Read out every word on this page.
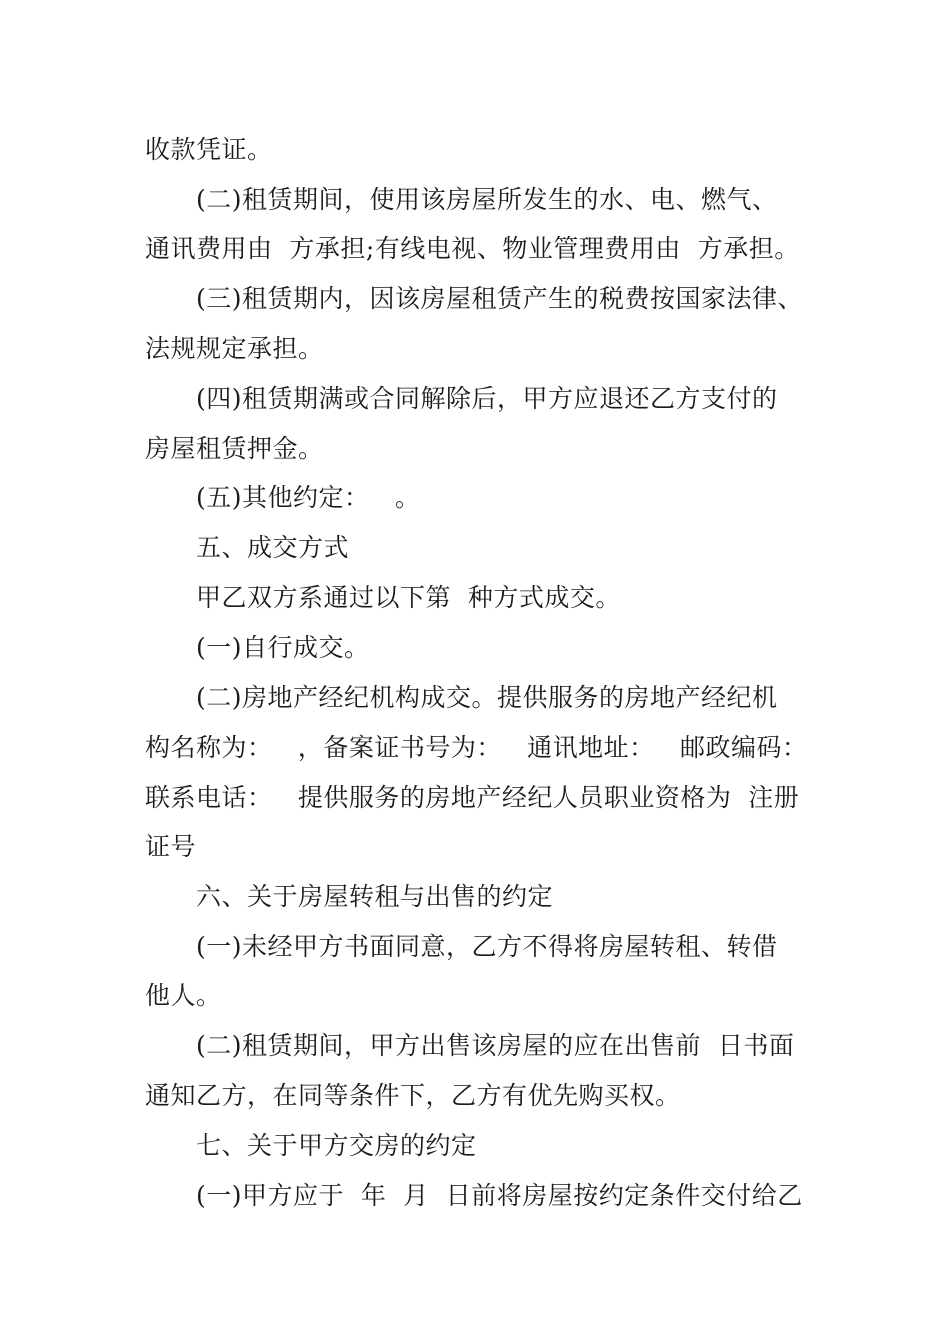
收款凭证。
(二)租赁期间，使用该房屋所发生的水、电、燃气、
通讯费用由  方承担;有线电视、物业管理费用由  方承担。
(三)租赁期内，因该房屋租赁产生的税费按国家法律、
法规规定承担。
(四)租赁期满或合同解除后，甲方应退还乙方支付的
房屋租赁押金。
(五)其他约定：   。
五、成交方式
甲乙双方系通过以下第  种方式成交。
(一)自行成交。
(二)房地产经纪机构成交。提供服务的房地产经纪机
构名称为：   ，备案证书号为：   通讯地址：   邮政编码：
联系电话：   提供服务的房地产经纪人员职业资格为  注册
证号
六、关于房屋转租与出售的约定
(一)未经甲方书面同意，乙方不得将房屋转租、转借
他人。
(二)租赁期间，甲方出售该房屋的应在出售前  日书面
通知乙方，在同等条件下，乙方有优先购买权。
七、关于甲方交房的约定
(一)甲方应于  年  月  日前将房屋按约定条件交付给乙
